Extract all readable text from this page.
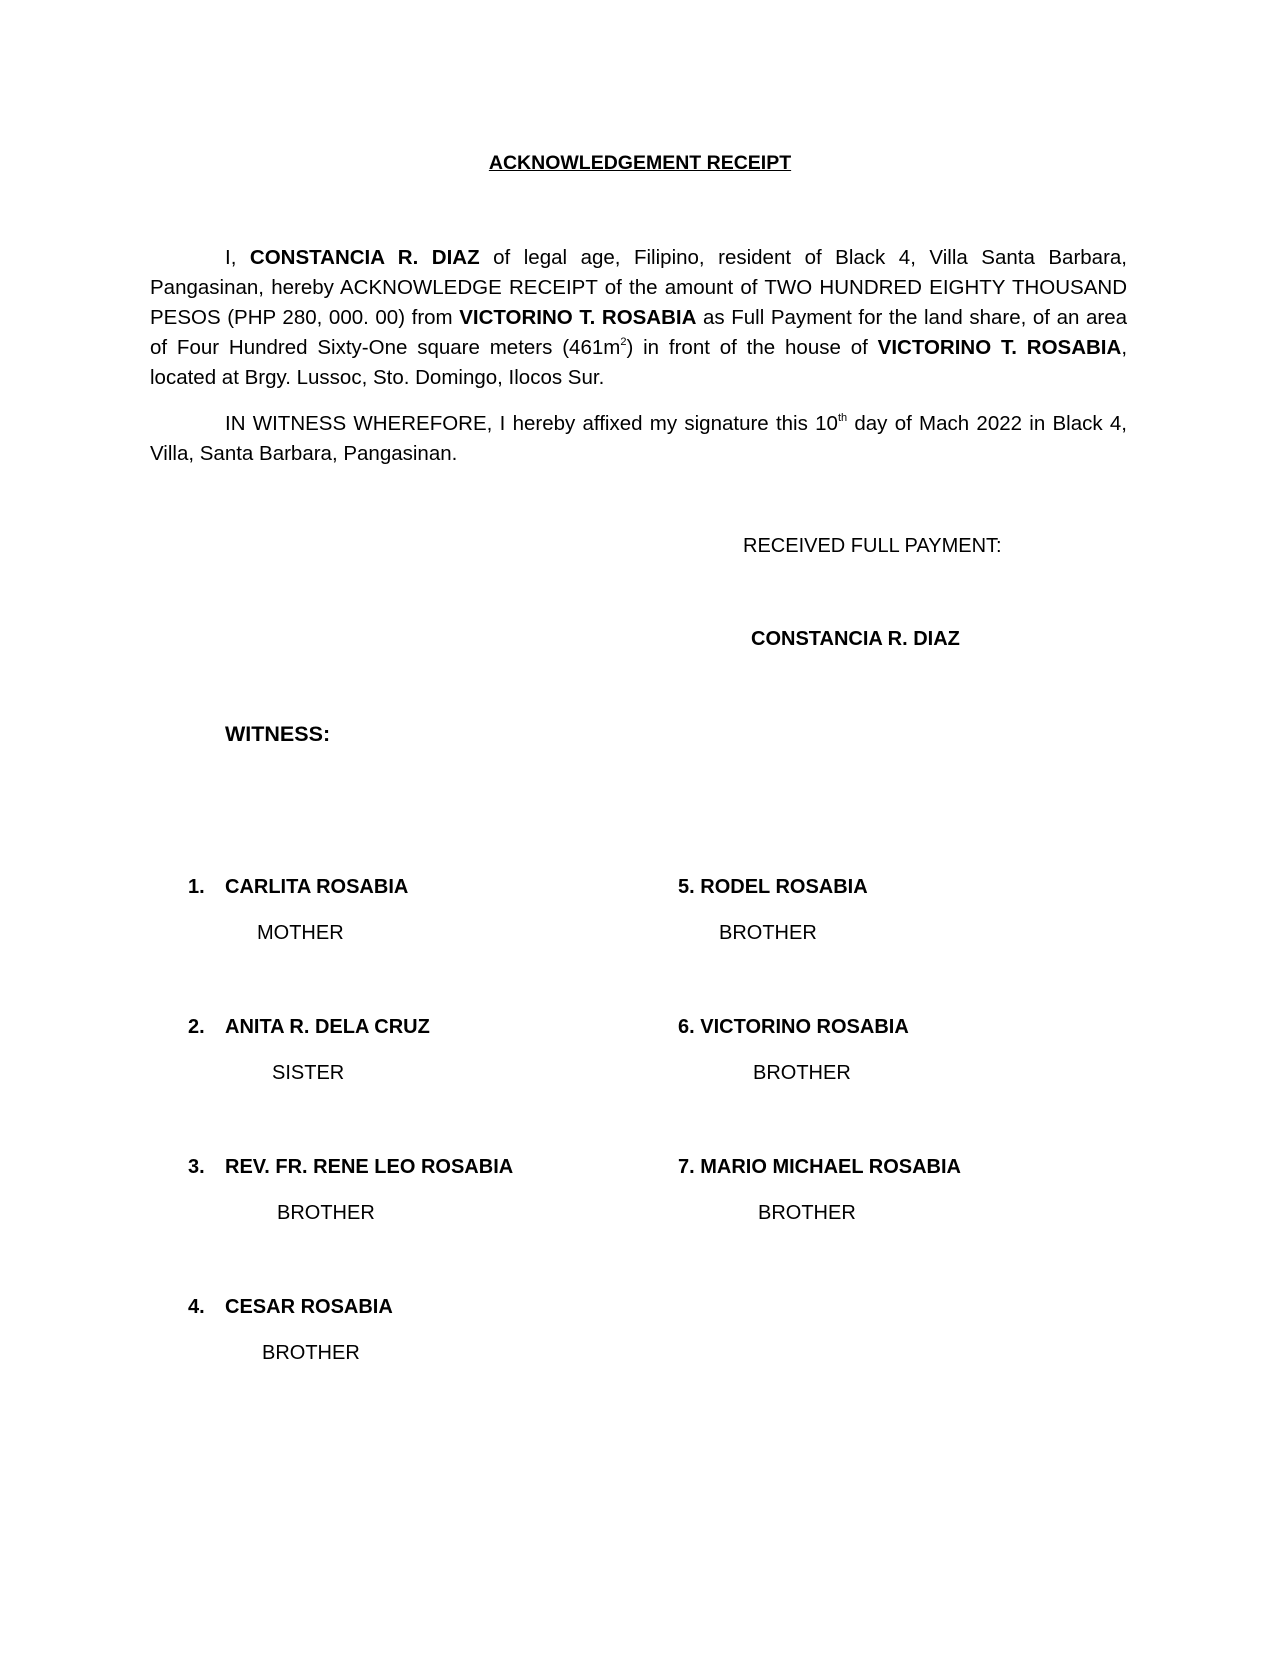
ACKNOWLEDGEMENT RECEIPT

I, CONSTANCIA R. DIAZ of legal age, Filipino, resident of Black 4, Villa Santa Barbara, Pangasinan, hereby ACKNOWLEDGE RECEIPT of the amount of TWO HUNDRED EIGHTY THOUSAND PESOS (PHP 280, 000. 00) from VICTORINO T. ROSABIA as Full Payment for the land share, of an area of Four Hundred Sixty-One square meters $(461m^2)$ in front of the house of VICTORINO T. ROSABIA, located at Brgy. Lussoc, Sto. Domingo, Ilocos Sur.

IN WITNESS WHEREFORE, I hereby affixed my signature this 10th day of Mach 2022 in Black 4, Villa, Santa Barbara, Pangasinan.

RECEIVED FULL PAYMENT:
CONSTANCIA R. DIAZ
WITNESS:
1. CARLITA ROSABIA
MOTHER
2. ANITA R. DELA CRUZ
SISTER
3. REV. FR. RENE LEO ROSABIA
BROTHER
4. CESAR ROSABIA
BROTHER
5. RODEL ROSABIA
BROTHER
6. VICTORINO ROSABIA
BROTHER
7. MARIO MICHAEL ROSABIA
BROTHER
